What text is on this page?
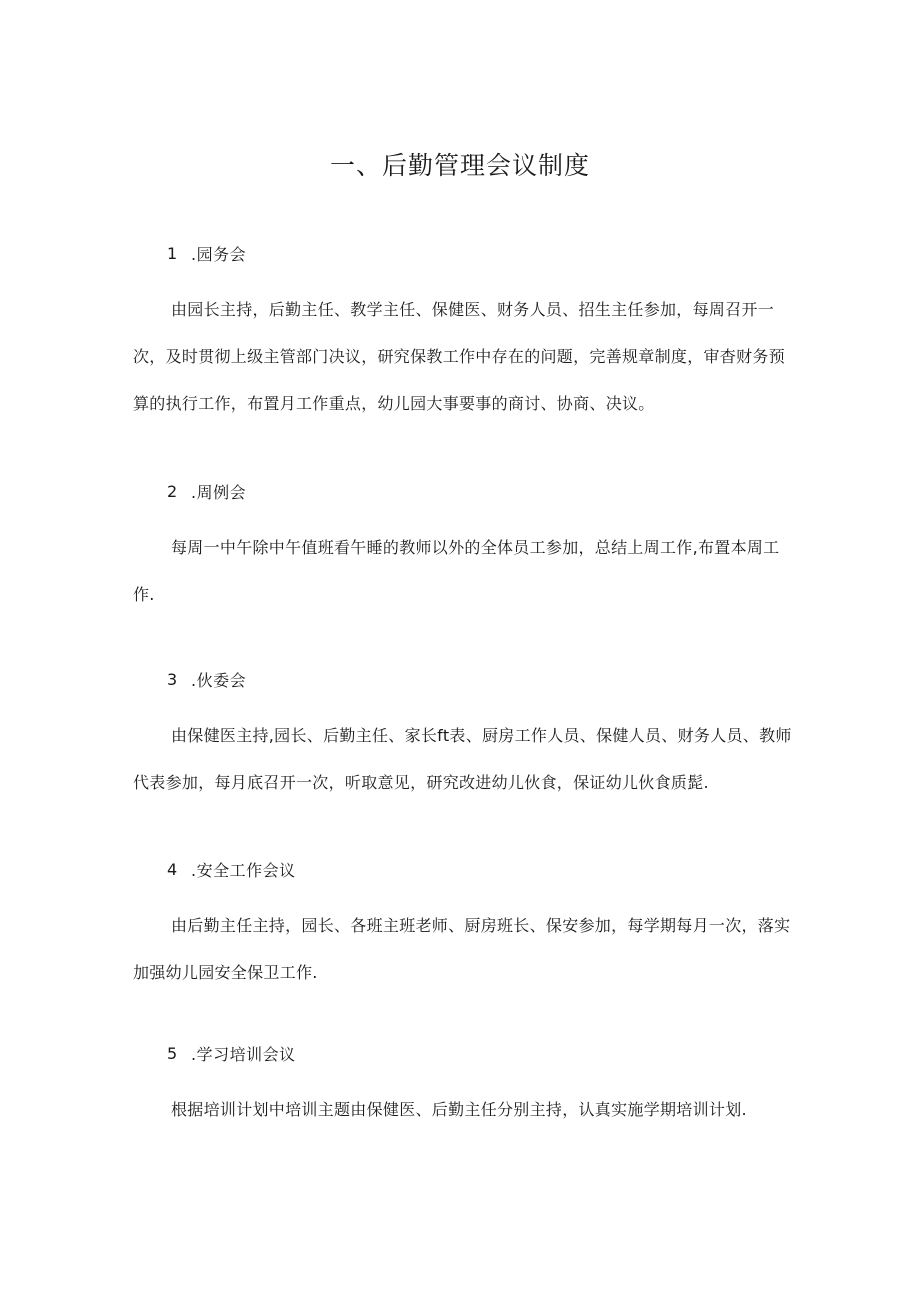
一、后勤管理会议制度
1 .园务会
由园长主持，后勤主任、教学主任、保健医、财务人员、招生主任参加，每周召开一次，及时贯彻上级主管部门决议，研究保教工作中存在的问题，完善规章制度，审杳财务预算的执行工作，布置月工作重点，幼儿园大事要事的商讨、协商、决议。
2 .周例会
每周一中午除中午值班看午睡的教师以外的全体员工参加，总结上周工作,布置本周工作.
3 .伙委会
由保健医主持,园长、后勤主任、家长ft表、厨房工作人员、保健人员、财务人员、教师代表参加，每月底召开一次，听取意见，研究改进幼儿伙食，保证幼儿伙食质髭.
4 .安全工作会议
由后勤主任主持，园长、各班主班老师、厨房班长、保安参加，每学期每月一次，落实加强幼儿园安全保卫工作.
5 .学习培训会议
根据培训计划中培训主题由保健医、后勤主任分别主持，认真实施学期培训计划.
